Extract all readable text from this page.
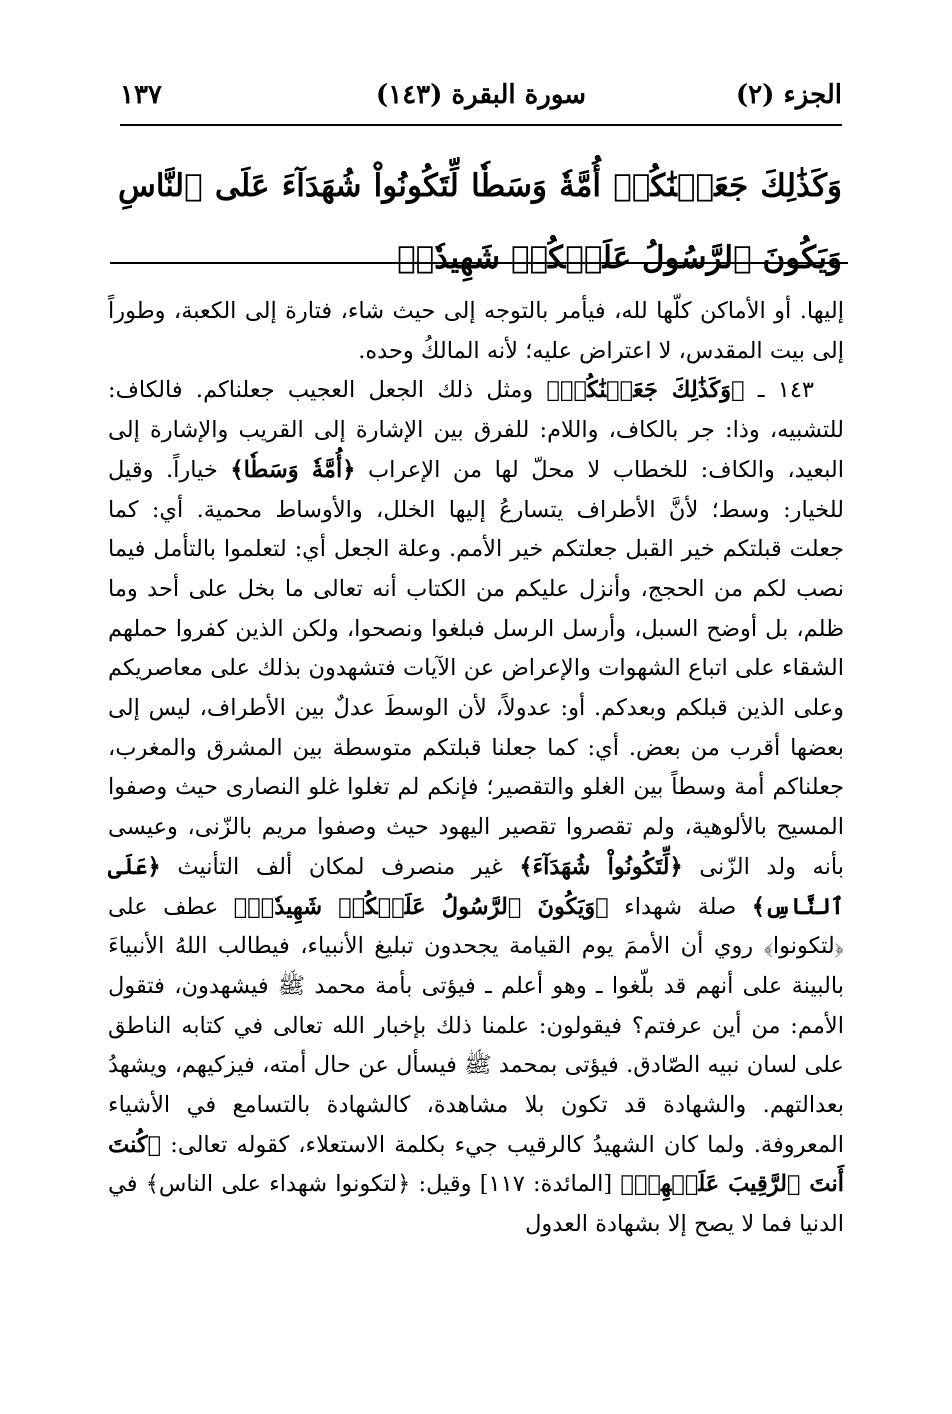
الجزء (٢)
سورة البقرة (١٤٣)
١٣٧
وَكَذَٰلِكَ جَعَلۡنَٰكُمۡ أُمَّةٗ وَسَطٗا لِّتَكُونُواْ شُهَدَآءَ عَلَى ٱلنَّاسِ وَيَكُونَ ٱلرَّسُولُ عَلَيۡكُمۡ شَهِيدٗاۗ

إليها. أو الأماكن كلّها لله، فيأمر بالتوجه إلى حيث شاء، فتارة إلى الكعبة، وطوراً إلى بيت المقدس، لا اعتراض عليه؛ لأنه المالكُ وحده.

١٤٣ ـ ﴿وَكَذَٰلِكَ جَعَلۡنَٰكُمۡ﴾ ومثل ذلك الجعل العجيب جعلناكم. فالكاف: للتشبيه، وذا: جر بالكاف، واللام: للفرق بين الإشارة إلى القريب والإشارة إلى البعيد، والكاف: للخطاب لا محلّ لها من الإعراب ﴿أُمَّةٗ وَسَطٗا﴾ خياراً. وقيل للخيار: وسط؛ لأنَّ الأطراف يتسارعُ إليها الخلل، والأوساط محمية. أي: كما جعلت قبلتكم خير القبل جعلتكم خير الأمم. وعلة الجعل أي: لتعلموا بالتأمل فيما نصب لكم من الحجج، وأنزل عليكم من الكتاب أنه تعالى ما بخل على أحد وما ظلم، بل أوضح السبل، وأرسل الرسل فبلغوا ونصحوا، ولكن الذين كفروا حملهم الشقاء على اتباع الشهوات والإعراض عن الآيات فتشهدون بذلك على معاصريكم وعلى الذين قبلكم وبعدكم. أو: عدولاً، لأن الوسطَ عدلٌ بين الأطراف، ليس إلى بعضها أقرب من بعض. أي: كما جعلنا قبلتكم متوسطة بين المشرق والمغرب، جعلناكم أمة وسطاً بين الغلو والتقصير؛ فإنكم لم تغلوا غلو النصارى حيث وصفوا المسيح بالألوهية، ولم تقصروا تقصير اليهود حيث وصفوا مريم بالزّنى، وعيسى بأنه ولد الزّنى ﴿لِّتَكُونُواْ شُهَدَآءَ﴾ غير منصرف لمكان ألف التأنيث ﴿عَلَى ٱلنَّاسِ﴾ صلة شهداء ﴿وَيَكُونَ ٱلرَّسُولُ عَلَيۡكُمۡ شَهِيدٗاۗ﴾ عطف على ﴿لتكونوا﴾ روي أن الأممَ يوم القيامة يجحدون تبليغ الأنبياء، فيطالب اللهُ الأنبياءَ بالبينة على أنهم قد بلّغوا ـ وهو أعلم ـ فيؤتى بأمة محمد ﷺ فيشهدون، فتقول الأمم: من أين عرفتم؟ فيقولون: علمنا ذلك بإخبار الله تعالى في كتابه الناطق على لسان نبيه الصّادق. فيؤتى بمحمد ﷺ فيسأل عن حال أمته، فيزكيهم، ويشهدُ بعدالتهم. والشهادة قد تكون بلا مشاهدة، كالشهادة بالتسامع في الأشياء المعروفة. ولما كان الشهيدُ كالرقيب جيء بكلمة الاستعلاء، كقوله تعالى: ﴿كُنتَ أَنتَ ٱلرَّقِيبَ عَلَيۡهِمۡ﴾ [المائدة: ١١٧] وقيل: ﴿لتكونوا شهداء على الناس﴾ في الدنيا فما لا يصح إلا بشهادة العدول
